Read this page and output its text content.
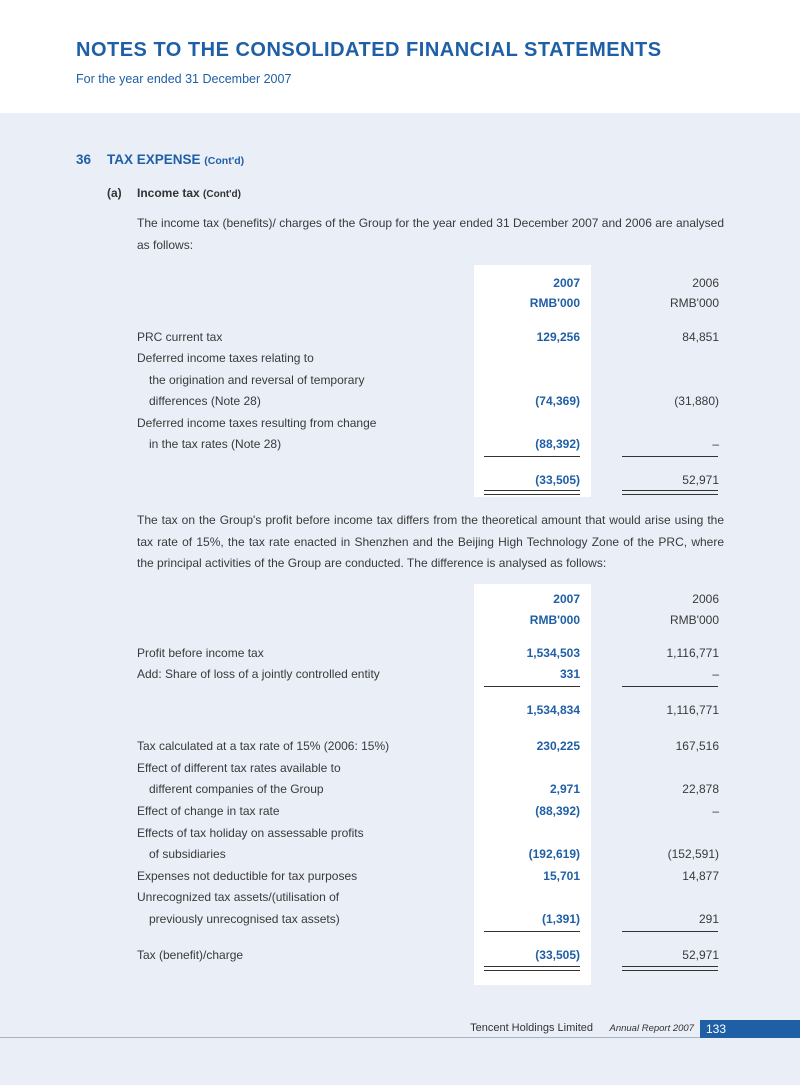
NOTES TO THE CONSOLIDATED FINANCIAL STATEMENTS
For the year ended 31 December 2007
36 TAX EXPENSE (Cont'd)
(a) Income tax (Cont'd)
The income tax (benefits)/ charges of the Group for the year ended 31 December 2007 and 2006 are analysed as follows:
2007	2006
RMB'000	RMB'000
PRC current tax	129,256	84,851
Deferred income taxes relating to
the origination and reversal of temporary
differences (Note 28)	(74,369)	(31,880)
Deferred income taxes resulting from change
in the tax rates (Note 28)	(88,392)	–
(33,505)	52,971
The tax on the Group's profit before income tax differs from the theoretical amount that would arise using the tax rate of 15%, the tax rate enacted in Shenzhen and the Beijing High Technology Zone of the PRC, where the principal activities of the Group are conducted. The difference is analysed as follows:
2007	2006
RMB'000	RMB'000
Profit before income tax	1,534,503	1,116,771
Add: Share of loss of a jointly controlled entity	331	–
1,534,834	1,116,771
Tax calculated at a tax rate of 15% (2006: 15%)	230,225	167,516
Effect of different tax rates available to
different companies of the Group	2,971	22,878
Effect of change in tax rate	(88,392)	–
Effects of tax holiday on assessable profits
of subsidiaries	(192,619)	(152,591)
Expenses not deductible for tax purposes	15,701	14,877
Unrecognized tax assets/(utilisation of
previously unrecognised tax assets)	(1,391)	291
Tax (benefit)/charge	(33,505)	52,971
Tencent Holdings Limited Annual Report 2007	133
